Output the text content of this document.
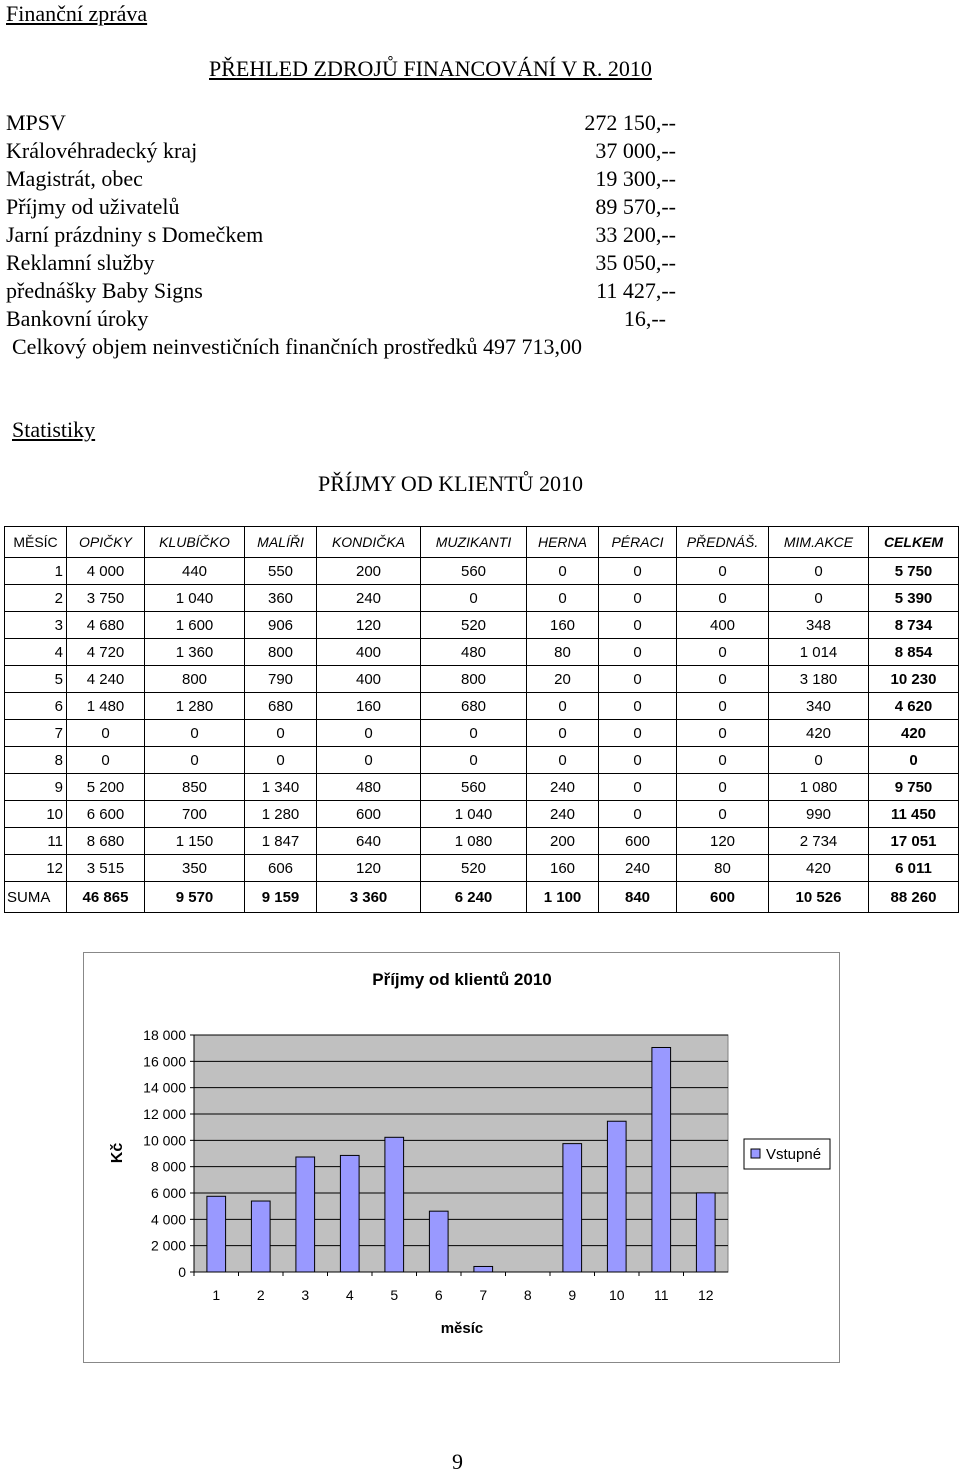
Finanční zpráva
PŘEHLED ZDROJŮ FINANCOVÁNÍ V R. 2010
MPSV	272 150,--
Královéhradecký kraj	37 000,--
Magistrát, obec	19 300,--
Příjmy od uživatelů	89 570,--
Jarní prázdniny s Domečkem	33 200,--
Reklamní služby	35 050,--
přednášky Baby Signs	11 427,--
Bankovní úroky	16,--
Celkový objem neinvestičních finančních prostředků 497 713,00
Statistiky
PŘÍJMY OD KLIENTŮ 2010
MĚSÍC	OPIČKY	KLUBÍČKO	MALÍŘI	KONDIČKA	MUZIKANTI	HERNA	PÉRACI	PŘEDNÁŠ.	MIM.AKCE	CELKEM
1	4 000	440	550	200	560	0	0	0	0	5 750
2	3 750	1 040	360	240	0	0	0	0	0	5 390
3	4 680	1 600	906	120	520	160	0	400	348	8 734
4	4 720	1 360	800	400	480	80	0	0	1 014	8 854
5	4 240	800	790	400	800	20	0	0	3 180	10 230
6	1 480	1 280	680	160	680	0	0	0	340	4 620
7	0	0	0	0	0	0	0	0	420	420
8	0	0	0	0	0	0	0	0	0	0
9	5 200	850	1 340	480	560	240	0	0	1 080	9 750
10	6 600	700	1 280	600	1 040	240	0	0	990	11 450
11	8 680	1 150	1 847	640	1 080	200	600	120	2 734	17 051
12	3 515	350	606	120	520	160	240	80	420	6 011
SUMA	46 865	9 570	9 159	3 360	6 240	1 100	840	600	10 526	88 260
0
2 000
4 000
6 000
8 000
10 000
12 000
14 000
16 000
18 000
1	2	3	4	5	6	7	8	9 10 11 12
Příjmy od klientů 2010
měsíc
Kč	Vstupné
9
